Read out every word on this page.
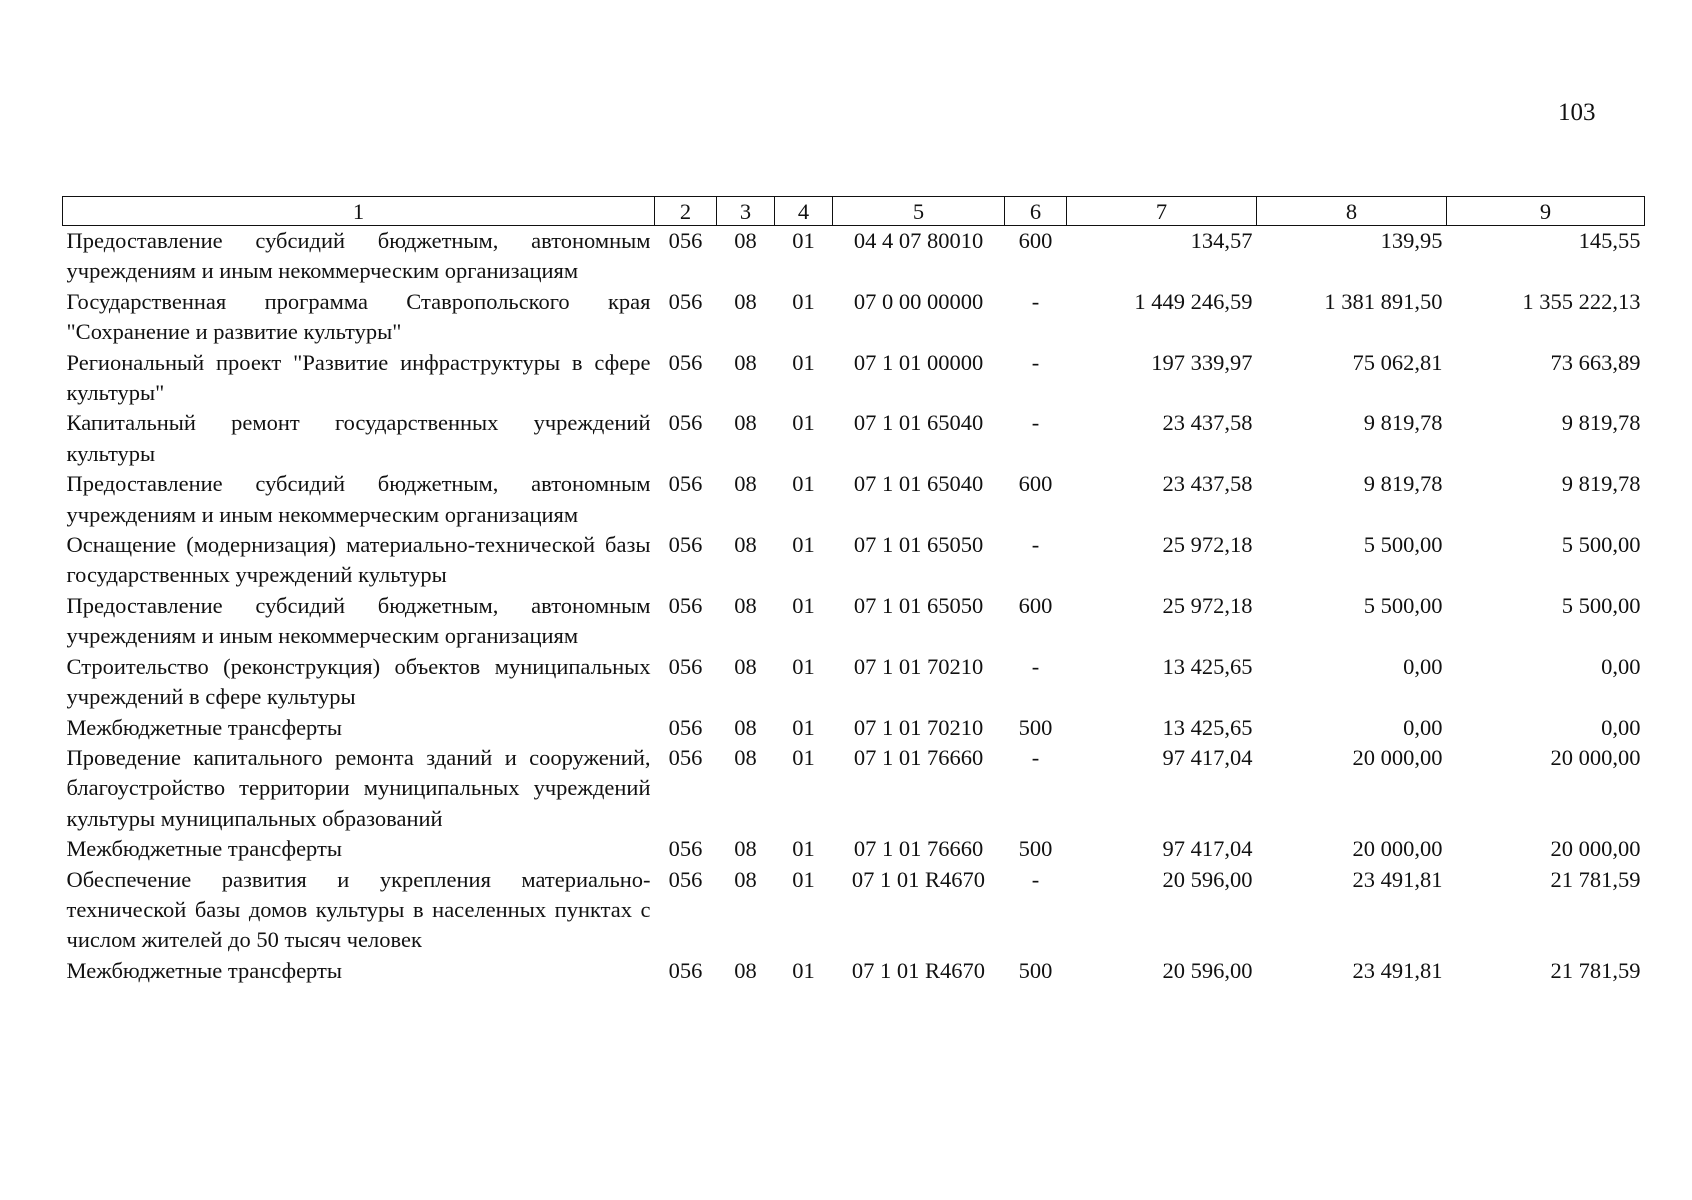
103
1	2	3	4	5	6	7	8	9
Предоставление субсидий бюджетным, автономным учреждениям и иным некоммерческим организациям	056	08	01	04 4 07 80010	600	134,57	139,95	145,55
Государственная программа Ставропольского края "Сохранение и развитие культуры"	056	08	01	07 0 00 00000	-	1 449 246,59	1 381 891,50	1 355 222,13
Региональный проект "Развитие инфраструктуры в сфере культуры"	056	08	01	07 1 01 00000	-	197 339,97	75 062,81	73 663,89
Капитальный ремонт государственных учреждений культуры	056	08	01	07 1 01 65040	-	23 437,58	9 819,78	9 819,78
Предоставление субсидий бюджетным, автономным учреждениям и иным некоммерческим организациям	056	08	01	07 1 01 65040	600	23 437,58	9 819,78	9 819,78
Оснащение (модернизация) материально-технической базы государственных учреждений культуры	056	08	01	07 1 01 65050	-	25 972,18	5 500,00	5 500,00
Предоставление субсидий бюджетным, автономным учреждениям и иным некоммерческим организациям	056	08	01	07 1 01 65050	600	25 972,18	5 500,00	5 500,00
Строительство (реконструкция) объектов муниципальных учреждений в сфере культуры	056	08	01	07 1 01 70210	-	13 425,65	0,00	0,00
Межбюджетные трансферты	056	08	01	07 1 01 70210	500	13 425,65	0,00	0,00
Проведение капитального ремонта зданий и сооружений, благоустройство территории муниципальных учреждений культуры муниципальных образований	056	08	01	07 1 01 76660	-	97 417,04	20 000,00	20 000,00
Межбюджетные трансферты	056	08	01	07 1 01 76660	500	97 417,04	20 000,00	20 000,00
Обеспечение развития и укрепления материально-технической базы домов культуры в населенных пунктах с числом жителей до 50 тысяч человек	056	08	01	07 1 01 R4670	-	20 596,00	23 491,81	21 781,59
Межбюджетные трансферты	056	08	01	07 1 01 R4670	500	20 596,00	23 491,81	21 781,59
